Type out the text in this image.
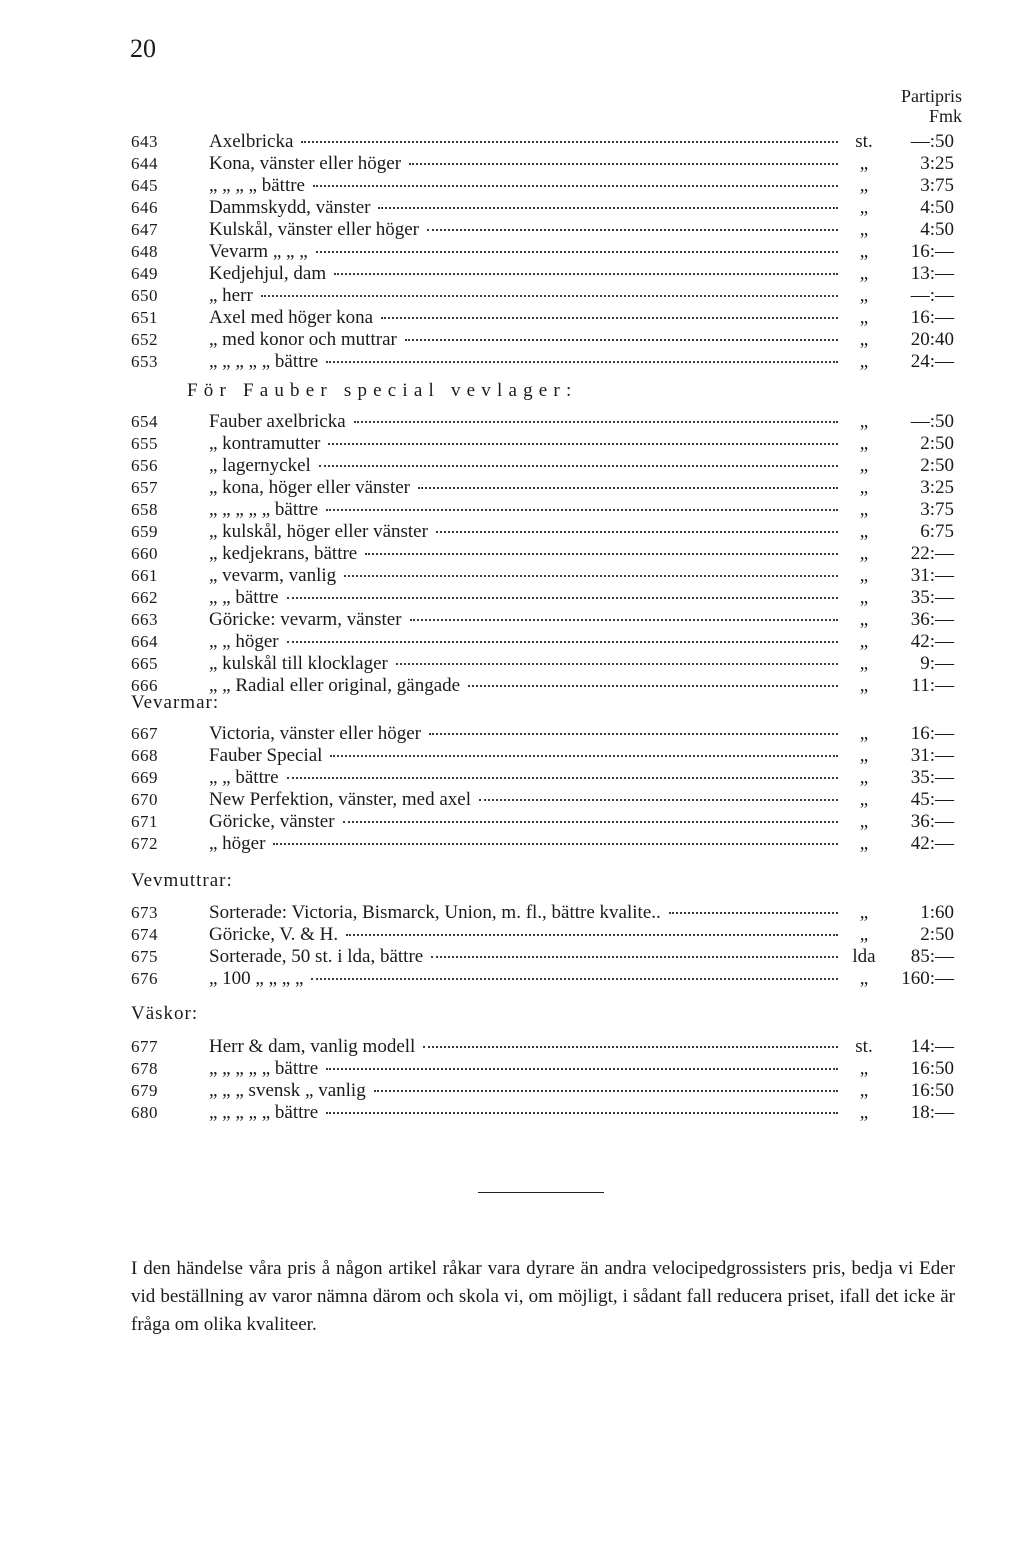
20
Partipris
Fmk
För Fauber special vevlager:
Vevarmar:
Vevmuttrar:
Väskor:
643	Axelbricka	st.	—:50
644	Kona, vänster eller höger	„	3:25
645	„ „ „ „ bättre	„	3:75
646	Dammskydd, vänster	„	4:50
647	Kulskål, vänster eller höger	„	4:50
648	Vevarm „ „ „	„	16:—
649	Kedjehjul, dam	„	13:—
650	„ herr	„	—:—
651	Axel med höger kona	„	16:—
652	„ med konor och muttrar	„	20:40
653	„ „ „ „ „ bättre	„	24:—
654	Fauber axelbricka	„	—:50
655	„ kontramutter	„	2:50
656	„ lagernyckel	„	2:50
657	„ kona, höger eller vänster	„	3:25
658	„ „ „ „ „ bättre	„	3:75
659	„ kulskål, höger eller vänster	„	6:75
660	„ kedjekrans, bättre	„	22:—
661	„ vevarm, vanlig	„	31:—
662	„ „ bättre	„	35:—
663	Göricke: vevarm, vänster	„	36:—
664	„ „ höger	„	42:—
665	„ kulskål till klocklager	„	9:—
666	„ „ Radial eller original, gängade	„	11:—
667	Victoria, vänster eller höger	„	16:—
668	Fauber Special	„	31:—
669	„ „ bättre	„	35:—
670	New Perfektion, vänster, med axel	„	45:—
671	Göricke, vänster	„	36:—
672	„ höger	„	42:—
673	Sorterade: Victoria, Bismarck, Union, m. fl., bättre kvalite..	„	1:60
674	Göricke, V. & H.	„	2:50
675	Sorterade, 50 st. i lda, bättre	lda 85:—
676	„ 100 „ „ „ „	„	160:—
677	Herr & dam, vanlig modell	st.	14:—
678	„ „ „ „ „ bättre	„	16:50
679	„ „ „ svensk „ vanlig	„	16:50
680	„ „ „ „ „ bättre	„	18:—
I den händelse våra pris å någon artikel råkar vara dyrare än andra velocipedgrossisters pris, bedja vi Eder vid beställning av varor nämna därom och skola vi, om möjligt, i sådant fall reducera priset, ifall det icke är fråga om olika kvaliteer.
